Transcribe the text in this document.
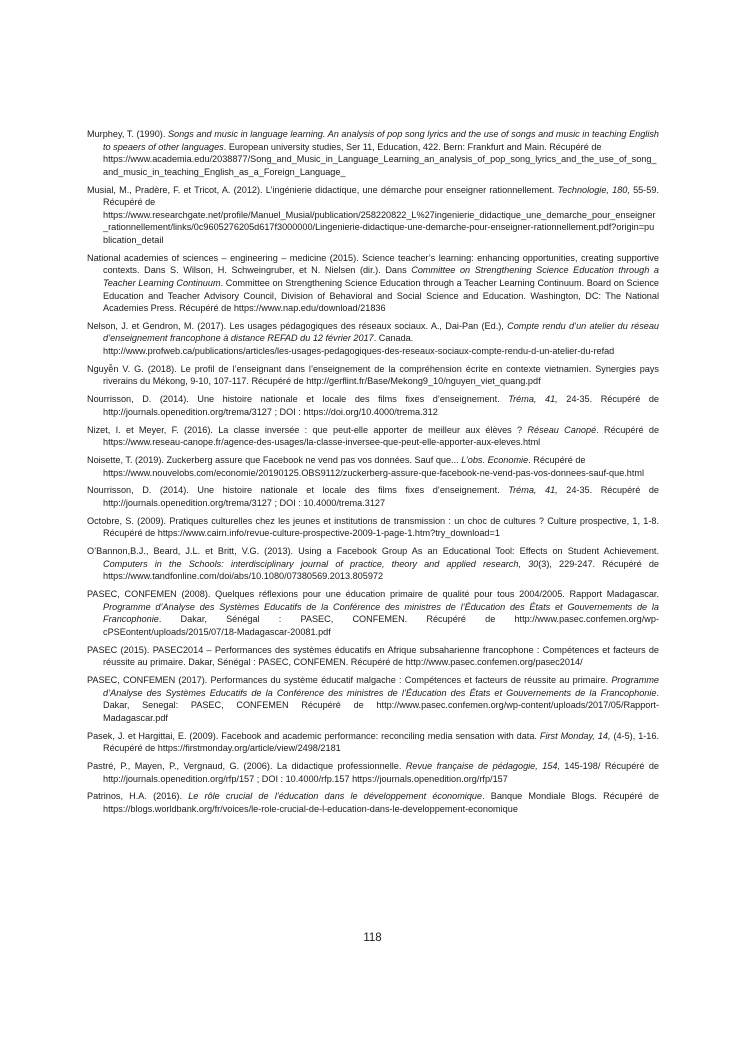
Murphey, T. (1990). Songs and music in language learning. An analysis of pop song lyrics and the use of songs and music in teaching English to speaers of other languages. European university studies, Ser 11, Education, 422. Bern: Frankfurt and Main. Récupéré de
https://www.academia.edu/2038877/Song_and_Music_in_Language_Learning_an_analysis_of_pop_song_lyrics_and_the_use_of_song_and_music_in_teaching_English_as_a_Foreign_Language_
Musial, M., Pradère, F. et Tricot, A. (2012). L’ingénierie didactique, une démarche pour enseigner rationnellement. Technologie, 180, 55-59. Récupéré de
https://www.researchgate.net/profile/Manuel_Musial/publication/258220822_L%27ingenierie_didactique_une_demarche_pour_enseigner_rationnellement/links/0c9605276205d617f3000000/Lingenierie-didactique-une-demarche-pour-enseigner-rationnellement.pdf?origin=publication_detail
National academies of sciences – engineering – medicine (2015). Science teacher’s learning: enhancing opportunities, creating supportive contexts. Dans S. Wilson, H. Schweingruber, et N. Nielsen (dir.). Dans Committee on Strengthening Science Education through a Teacher Learning Continuum. Committee on Strengthening Science Education through a Teacher Learning Continuum. Board on Science Education and Teacher Advisory Council, Division of Behavioral and Social Science and Education. Washington, DC: The National Academies Press. Récupéré de https://www.nap.edu/download/21836
Nelson, J. et Gendron, M. (2017). Les usages pédagogiques des réseaux sociaux. A., Dai-Pan (Ed.), Compte rendu d’un atelier du réseau d’enseignement francophone à distance REFAD du 12 février 2017. Canada.
http://www.profweb.ca/publications/articles/les-usages-pedagogiques-des-reseaux-sociaux-compte-rendu-d-un-atelier-du-refad
Nguyễn V. G. (2018). Le profil de l’enseignant dans l’enseignement de la compréhension écrite en contexte vietnamien. Synergies pays riverains du Mékong, 9-10, 107-117. Récupéré de http://gerflint.fr/Base/Mekong9_10/nguyen_viet_quang.pdf
Nourrisson, D. (2014). Une histoire nationale et locale des films fixes d’enseignement. Tréma, 41, 24-35. Récupéré de http://journals.openedition.org/trema/3127 ; DOI : https://doi.org/10.4000/trema.312
Nizet, I. et Meyer, F. (2016). La classe inversée : que peut-elle apporter de meilleur aux élèves ? Réseau Canopé. Récupéré de https://www.reseau-canope.fr/agence-des-usages/la-classe-inversee-que-peut-elle-apporter-aux-eleves.html
Noisette, T. (2019). Zuckerberg assure que Facebook ne vend pas vos données. Sauf que... L’obs. Economie. Récupéré de
https://www.nouvelobs.com/economie/20190125.OBS9112/zuckerberg-assure-que-facebook-ne-vend-pas-vos-donnees-sauf-que.html
Nourrisson, D. (2014). Une histoire nationale et locale des films fixes d’enseignement. Tréma, 41, 24-35. Récupéré de http://journals.openedition.org/trema/3127 ; DOI : 10.4000/trema.3127
Octobre, S. (2009). Pratiques culturelles chez les jeunes et institutions de transmission : un choc de cultures ? Culture prospective, 1, 1-8. Récupéré de https://www.cairn.info/revue-culture-prospective-2009-1-page-1.htm?try_download=1
O’Bannon,B.J., Beard, J.L. et Britt, V.G. (2013). Using a Facebook Group As an Educational Tool: Effects on Student Achievement. Computers in the Schools: interdisciplinary journal of practice, theory and applied research, 30(3), 229-247. Récupéré de https://www.tandfonline.com/doi/abs/10.1080/07380569.2013.805972
PASEC, CONFEMEN (2008). Quelques réflexions pour une éducation primaire de qualité pour tous 2004/2005. Rapport Madagascar. Programme d’Analyse des Systèmes Educatifs de la Conférence des ministres de l’Éducation des États et Gouvernements de la Francophonie. Dakar, Sénégal : PASEC, CONFEMEN. Récupéré de http://www.pasec.confemen.org/wp-cPSEontent/uploads/2015/07/18-Madagascar-20081.pdf
PASEC (2015). PASEC2014 – Performances des systèmes éducatifs en Afrique subsaharienne francophone : Compétences et facteurs de réussite au primaire. Dakar, Sénégal : PASEC, CONFEMEN. Récupéré de http://www.pasec.confemen.org/pasec2014/
PASEC, CONFEMEN (2017). Performances du système éducatif malgache : Compétences et facteurs de réussite au primaire. Programme d’Analyse des Systèmes Educatifs de la Conférence des ministres de l’Éducation des États et Gouvernements de la Francophonie. Dakar, Senegal: PASEC, CONFEMEN Récupéré de http://www.pasec.confemen.org/wp-content/uploads/2017/05/Rapport-Madagascar.pdf
Pasek, J. et Hargittai, E. (2009). Facebook and academic performance: reconciling media sensation with data. First Monday, 14, (4-5), 1-16. Récupéré de https://firstmonday.org/article/view/2498/2181
Pastré, P., Mayen, P., Vergnaud, G. (2006). La didactique professionnelle. Revue française de pédagogie, 154, 145-198/ Récupéré de http://journals.openedition.org/rfp/157 ; DOI : 10.4000/rfp.157 https://journals.openedition.org/rfp/157
Patrinos, H.A. (2016). Le rôle crucial de l’éducation dans le développement économique. Banque Mondiale Blogs. Récupéré de https://blogs.worldbank.org/fr/voices/le-role-crucial-de-l-education-dans-le-developpement-economique
118
